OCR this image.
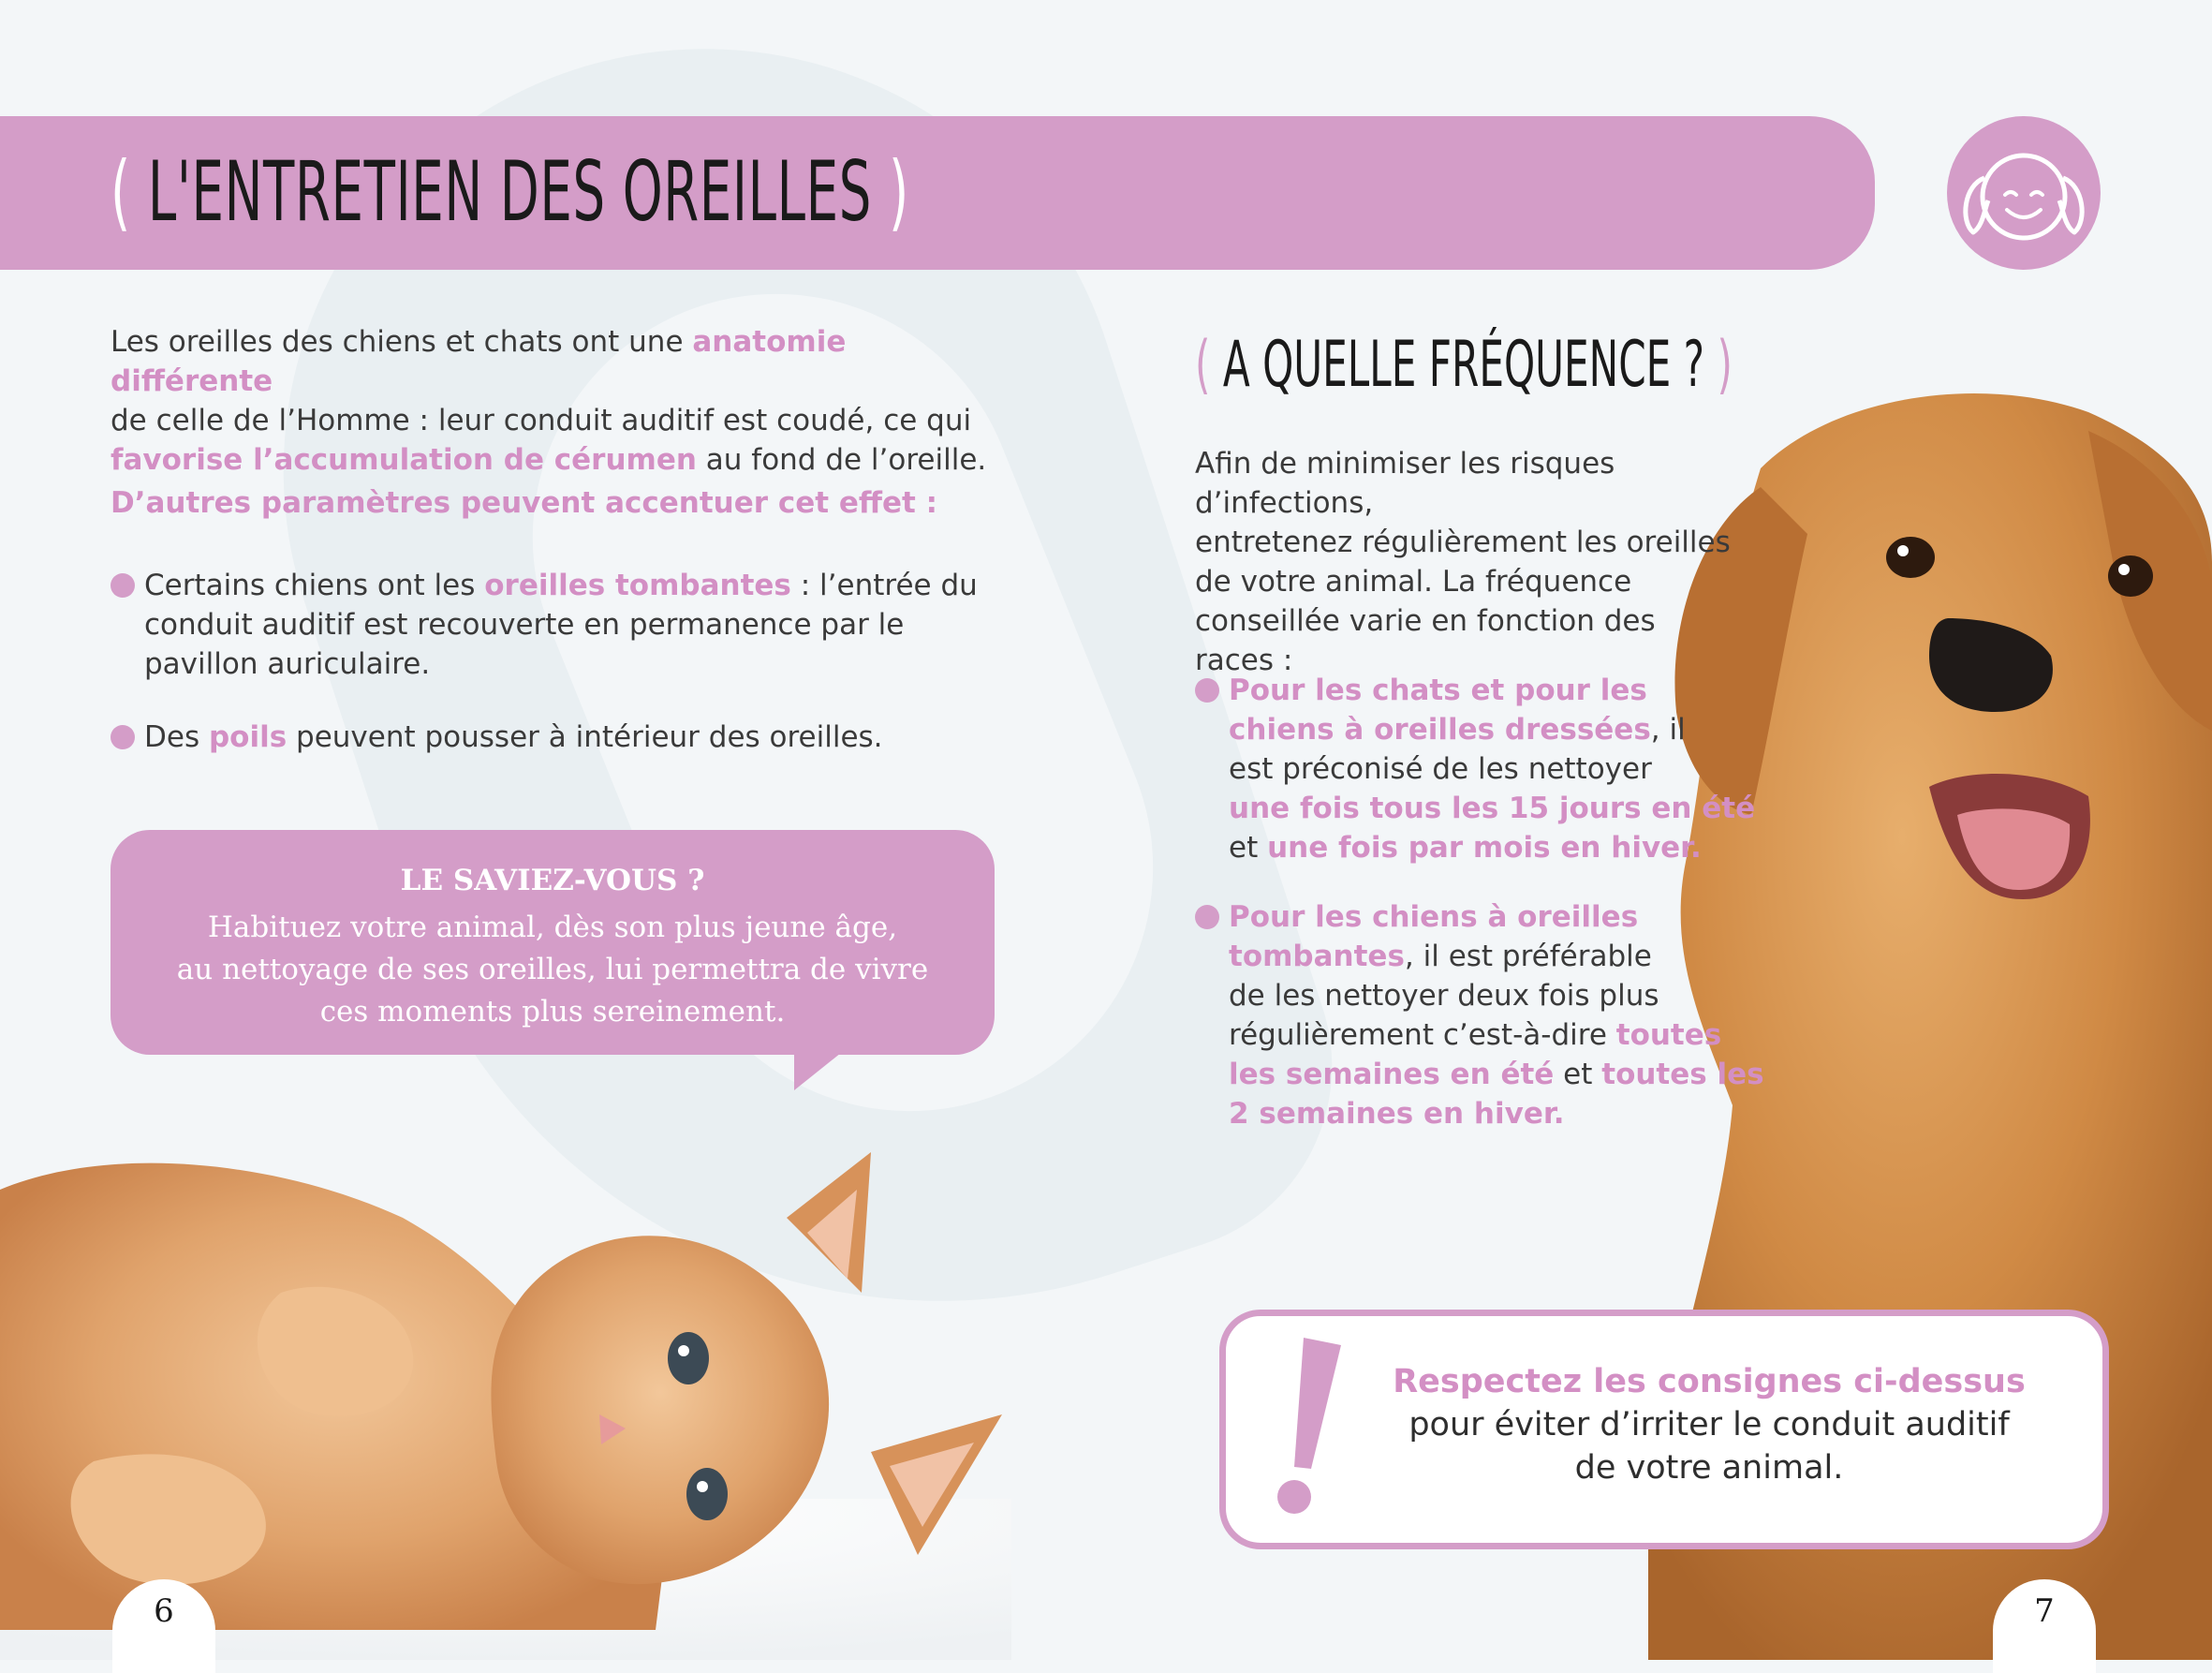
( L'ENTRETIEN DES OREILLES )
Les oreilles des chiens et chats ont une anatomie différente
de celle de l’Homme : leur conduit auditif est coudé, ce qui
favorise l’accumulation de cérumen au fond de l’oreille.
D’autres paramètres peuvent accentuer cet effet :
Certains chiens ont les oreilles tombantes : l’entrée du
conduit auditif est recouverte en permanence par le
pavillon auriculaire.
Des poils peuvent pousser à intérieur des oreilles.
LE SAVIEZ-VOUS ?
Habituez votre animal, dès son plus jeune âge,
au nettoyage de ses oreilles, lui permettra de vivre
ces moments plus sereinement.
( A QUELLE FRÉQUENCE ? )
Afin de minimiser les risques d’infections,
entretenez régulièrement les oreilles
de votre animal. La fréquence
conseillée varie en fonction des
races :
Pour les chats et pour les
chiens à oreilles dressées, il
est préconisé de les nettoyer
une fois tous les 15 jours en été
et une fois par mois en hiver.
Pour les chiens à oreilles
tombantes, il est préférable
de les nettoyer deux fois plus
régulièrement c’est-à-dire toutes
les semaines en été et toutes les
2 semaines en hiver.
Respectez les consignes ci-dessus
pour éviter d’irriter le conduit auditif
de votre animal.
6	7
